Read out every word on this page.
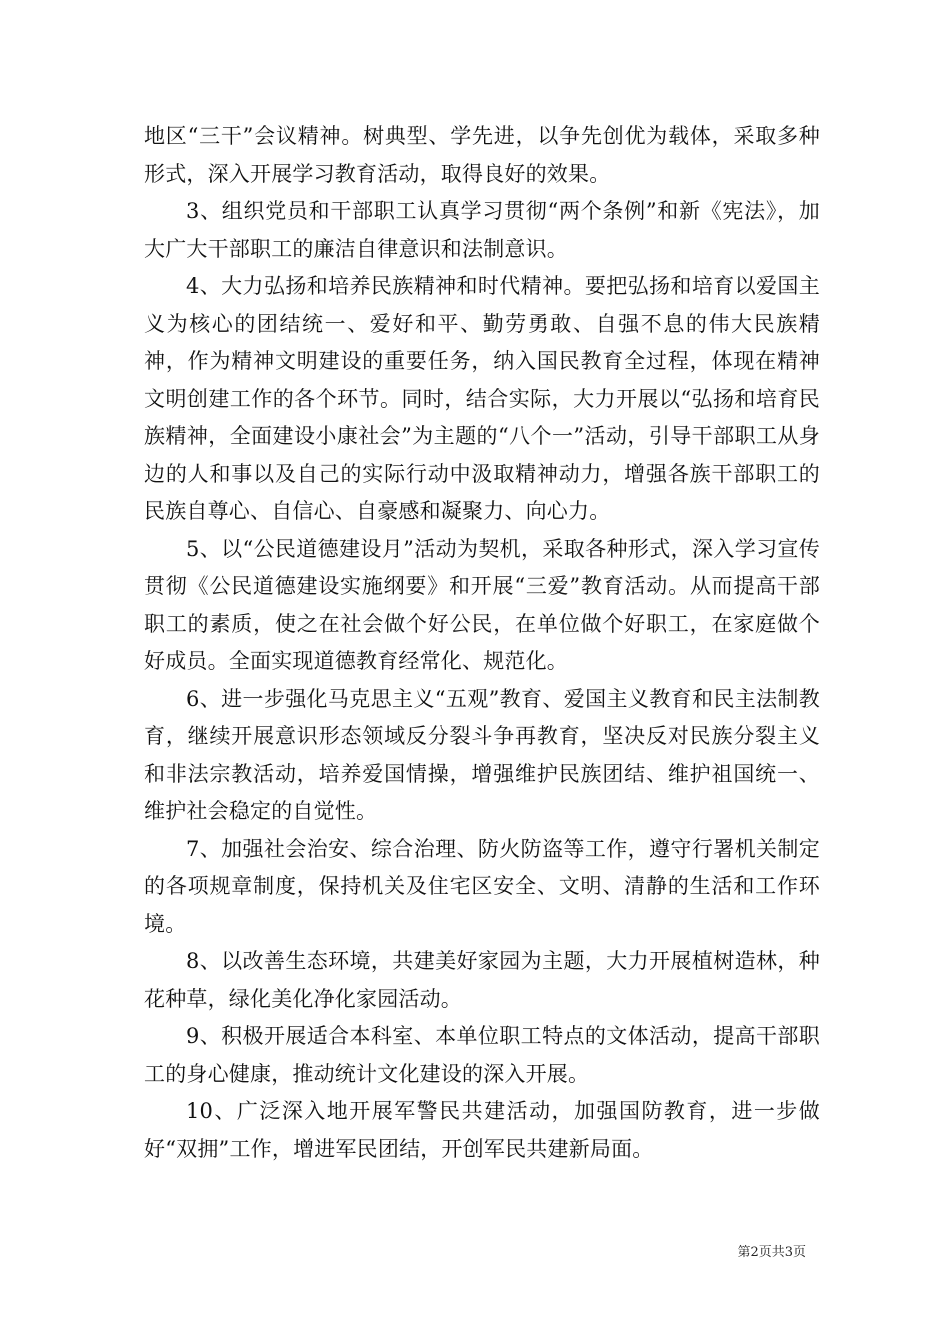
地区“三干”会议精神。树典型、学先进，以争先创优为载体，采取多种形式，深入开展学习教育活动，取得良好的效果。

3、组织党员和干部职工认真学习贯彻“两个条例”和新《宪法》，加大广大干部职工的廉洁自律意识和法制意识。

4、大力弘扬和培养民族精神和时代精神。要把弘扬和培育以爱国主义为核心的团结统一、爱好和平、勤劳勇敢、自强不息的伟大民族精神，作为精神文明建设的重要任务，纳入国民教育全过程，体现在精神文明创建工作的各个环节。同时，结合实际，大力开展以“弘扬和培育民族精神，全面建设小康社会”为主题的“八个一”活动，引导干部职工从身边的人和事以及自己的实际行动中汲取精神动力，增强各族干部职工的民族自尊心、自信心、自豪感和凝聚力、向心力。

5、以“公民道德建设月”活动为契机，采取各种形式，深入学习宣传贯彻《公民道德建设实施纲要》和开展“三爱”教育活动。从而提高干部职工的素质，使之在社会做个好公民，在单位做个好职工，在家庭做个好成员。全面实现道德教育经常化、规范化。

6、进一步强化马克思主义“五观”教育、爱国主义教育和民主法制教育，继续开展意识形态领域反分裂斗争再教育，坚决反对民族分裂主义和非法宗教活动，培养爱国情操，增强维护民族团结、维护祖国统一、维护社会稳定的自觉性。

7、加强社会治安、综合治理、防火防盗等工作，遵守行署机关制定的各项规章制度，保持机关及住宅区安全、文明、清静的生活和工作环境。

8、以改善生态环境，共建美好家园为主题，大力开展植树造林，种花种草，绿化美化净化家园活动。

9、积极开展适合本科室、本单位职工特点的文体活动，提高干部职工的身心健康，推动统计文化建设的深入开展。

10、广泛深入地开展军警民共建活动，加强国防教育，进一步做好“双拥”工作，增进军民团结，开创军民共建新局面。

第2页共3页
